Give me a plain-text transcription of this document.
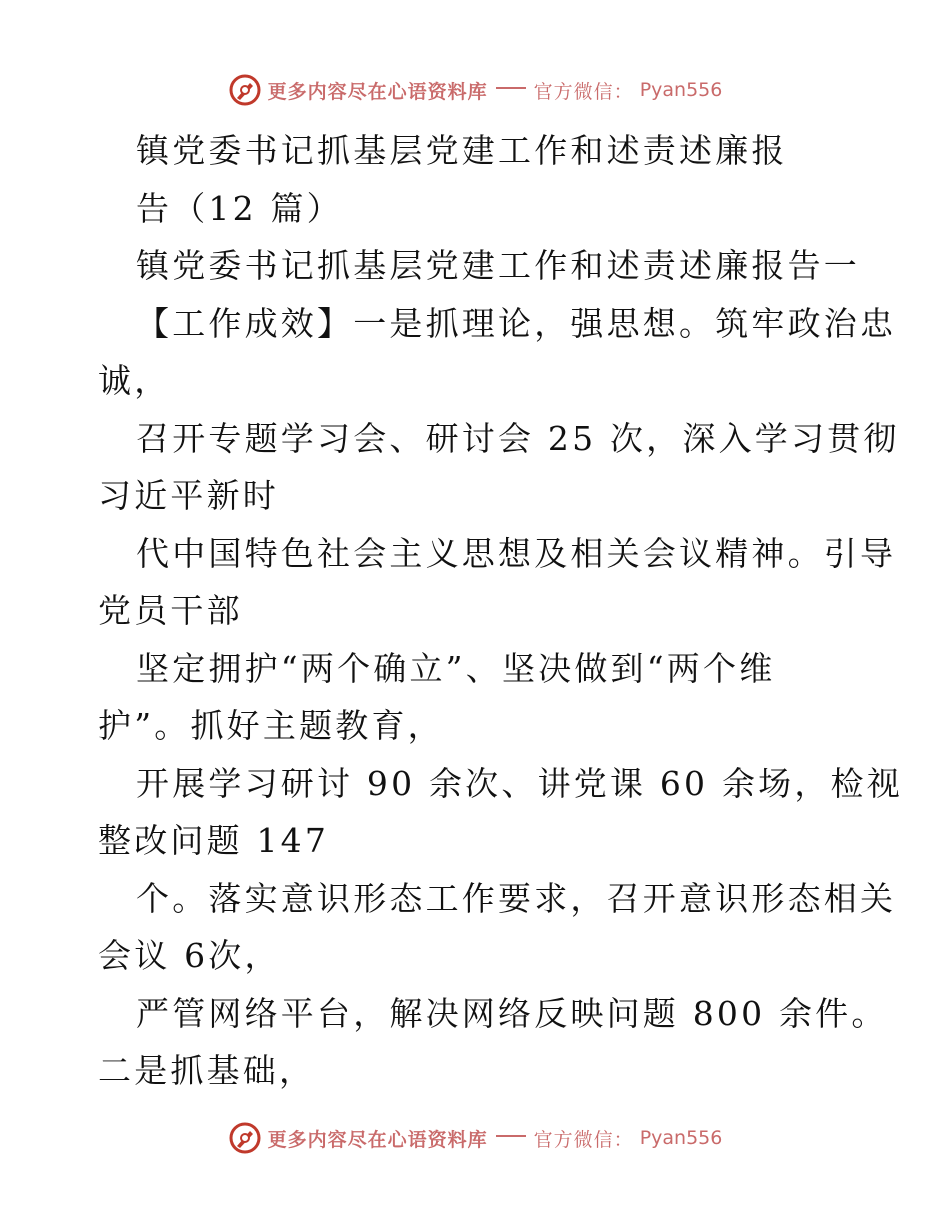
更多内容尽在心语资料库 官方微信： Pyan556
镇党委书记抓基层党建工作和述责述廉报
告（12 篇）
镇党委书记抓基层党建工作和述责述廉报告一
【工作成效】一是抓理论，强思想。筑牢政治忠
诚，
召开专题学习会、研讨会 25 次，深入学习贯彻
习近平新时
代中国特色社会主义思想及相关会议精神。引导
党员干部
坚定拥护“两个确立”、坚决做到“两个维
护”。抓好主题教育，
开展学习研讨 90 余次、讲党课 60 余场，检视
整改问题 147
个。落实意识形态工作要求，召开意识形态相关
会议 6次，
严管网络平台，解决网络反映问题 800 余件。
二是抓基础，
更多内容尽在心语资料库 官方微信： Pyan556
